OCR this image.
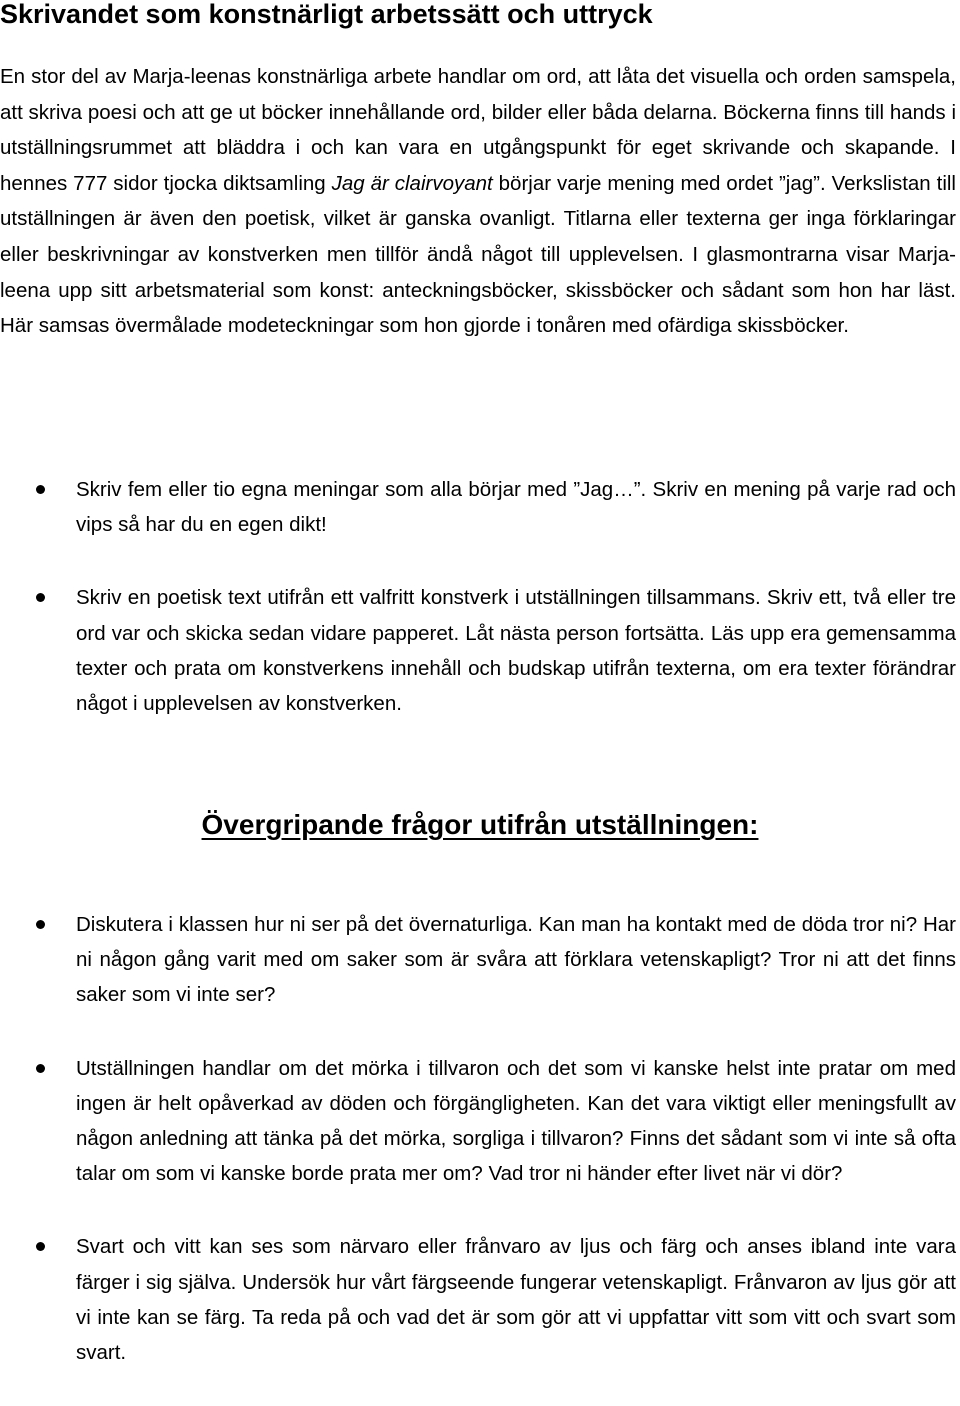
Skrivandet som konstnärligt arbetssätt och uttryck

En stor del av Marja-leenas konstnärliga arbete handlar om ord, att låta det visuella och orden samspela, att skriva poesi och att ge ut böcker innehållande ord, bilder eller båda delarna. Böckerna finns till hands i utställningsrummet att bläddra i och kan vara en utgångspunkt för eget skrivande och skapande. I hennes 777 sidor tjocka diktsamling Jag är clairvoyant börjar varje mening med ordet ”jag”. Verkslistan till utställningen är även den poetisk, vilket är ganska ovanligt. Titlarna eller texterna ger inga förklaringar eller beskrivningar av konstverken men tillför ändå något till upplevelsen. I glasmontrarna visar Marja-leena upp sitt arbetsmaterial som konst: anteckningsböcker, skissböcker och sådant som hon har läst. Här samsas övermålade modeteckningar som hon gjorde i tonåren med ofärdiga skissböcker.

Skriv fem eller tio egna meningar som alla börjar med ”Jag…”. Skriv en mening på varje rad och vips så har du en egen dikt!
Skriv en poetisk text utifrån ett valfritt konstverk i utställningen tillsammans. Skriv ett, två eller tre ord var och skicka sedan vidare papperet. Låt nästa person fortsätta. Läs upp era gemensamma texter och prata om konstverkens innehåll och budskap utifrån texterna, om era texter förändrar något i upplevelsen av konstverken.
Övergripande frågor utifrån utställningen:
Diskutera i klassen hur ni ser på det övernaturliga. Kan man ha kontakt med de döda tror ni? Har ni någon gång varit med om saker som är svåra att förklara vetenskapligt? Tror ni att det finns saker som vi inte ser?
Utställningen handlar om det mörka i tillvaron och det som vi kanske helst inte pratar om med ingen är helt opåverkad av döden och förgängligheten. Kan det vara viktigt eller meningsfullt av någon anledning att tänka på det mörka, sorgliga i tillvaron? Finns det sådant som vi inte så ofta talar om som vi kanske borde prata mer om? Vad tror ni händer efter livet när vi dör?
Svart och vitt kan ses som närvaro eller frånvaro av ljus och färg och anses ibland inte vara färger i sig själva. Undersök hur vårt färgseende fungerar vetenskapligt. Frånvaron av ljus gör att vi inte kan se färg. Ta reda på och vad det är som gör att vi uppfattar vitt som vitt och svart som svart.
